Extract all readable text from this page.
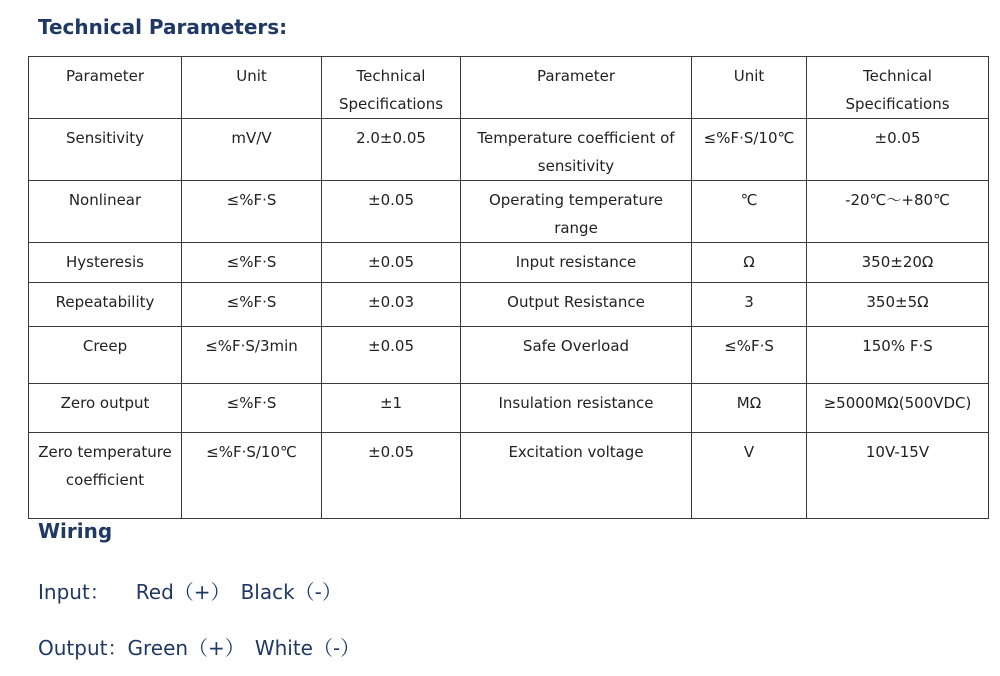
Technical Parameters:
Parameter	Unit	Technical Specifications	Parameter	Unit	Technical Specifications
Sensitivity	mV/V	2.0±0.05	Temperature coefficient of sensitivity	≤%F·S/10℃	±0.05
Nonlinear	≤%F·S	±0.05	Operating temperature range	℃	-20℃～+80℃
Hysteresis	≤%F·S	±0.05	Input resistance	Ω	350±20Ω
Repeatability	≤%F·S	±0.03	Output Resistance	3	350±5Ω
Creep	≤%F·S/3min	±0.05	Safe Overload	≤%F·S	150% F·S
Zero output	≤%F·S	±1	Insulation resistance	MΩ	≥5000MΩ(500VDC)
Zero temperature coefficient	≤%F·S/10℃	±0.05	Excitation voltage	V	10V-15V
Wiring

Input： Red（+） Black（-）

Output：Green（+） White（-）
